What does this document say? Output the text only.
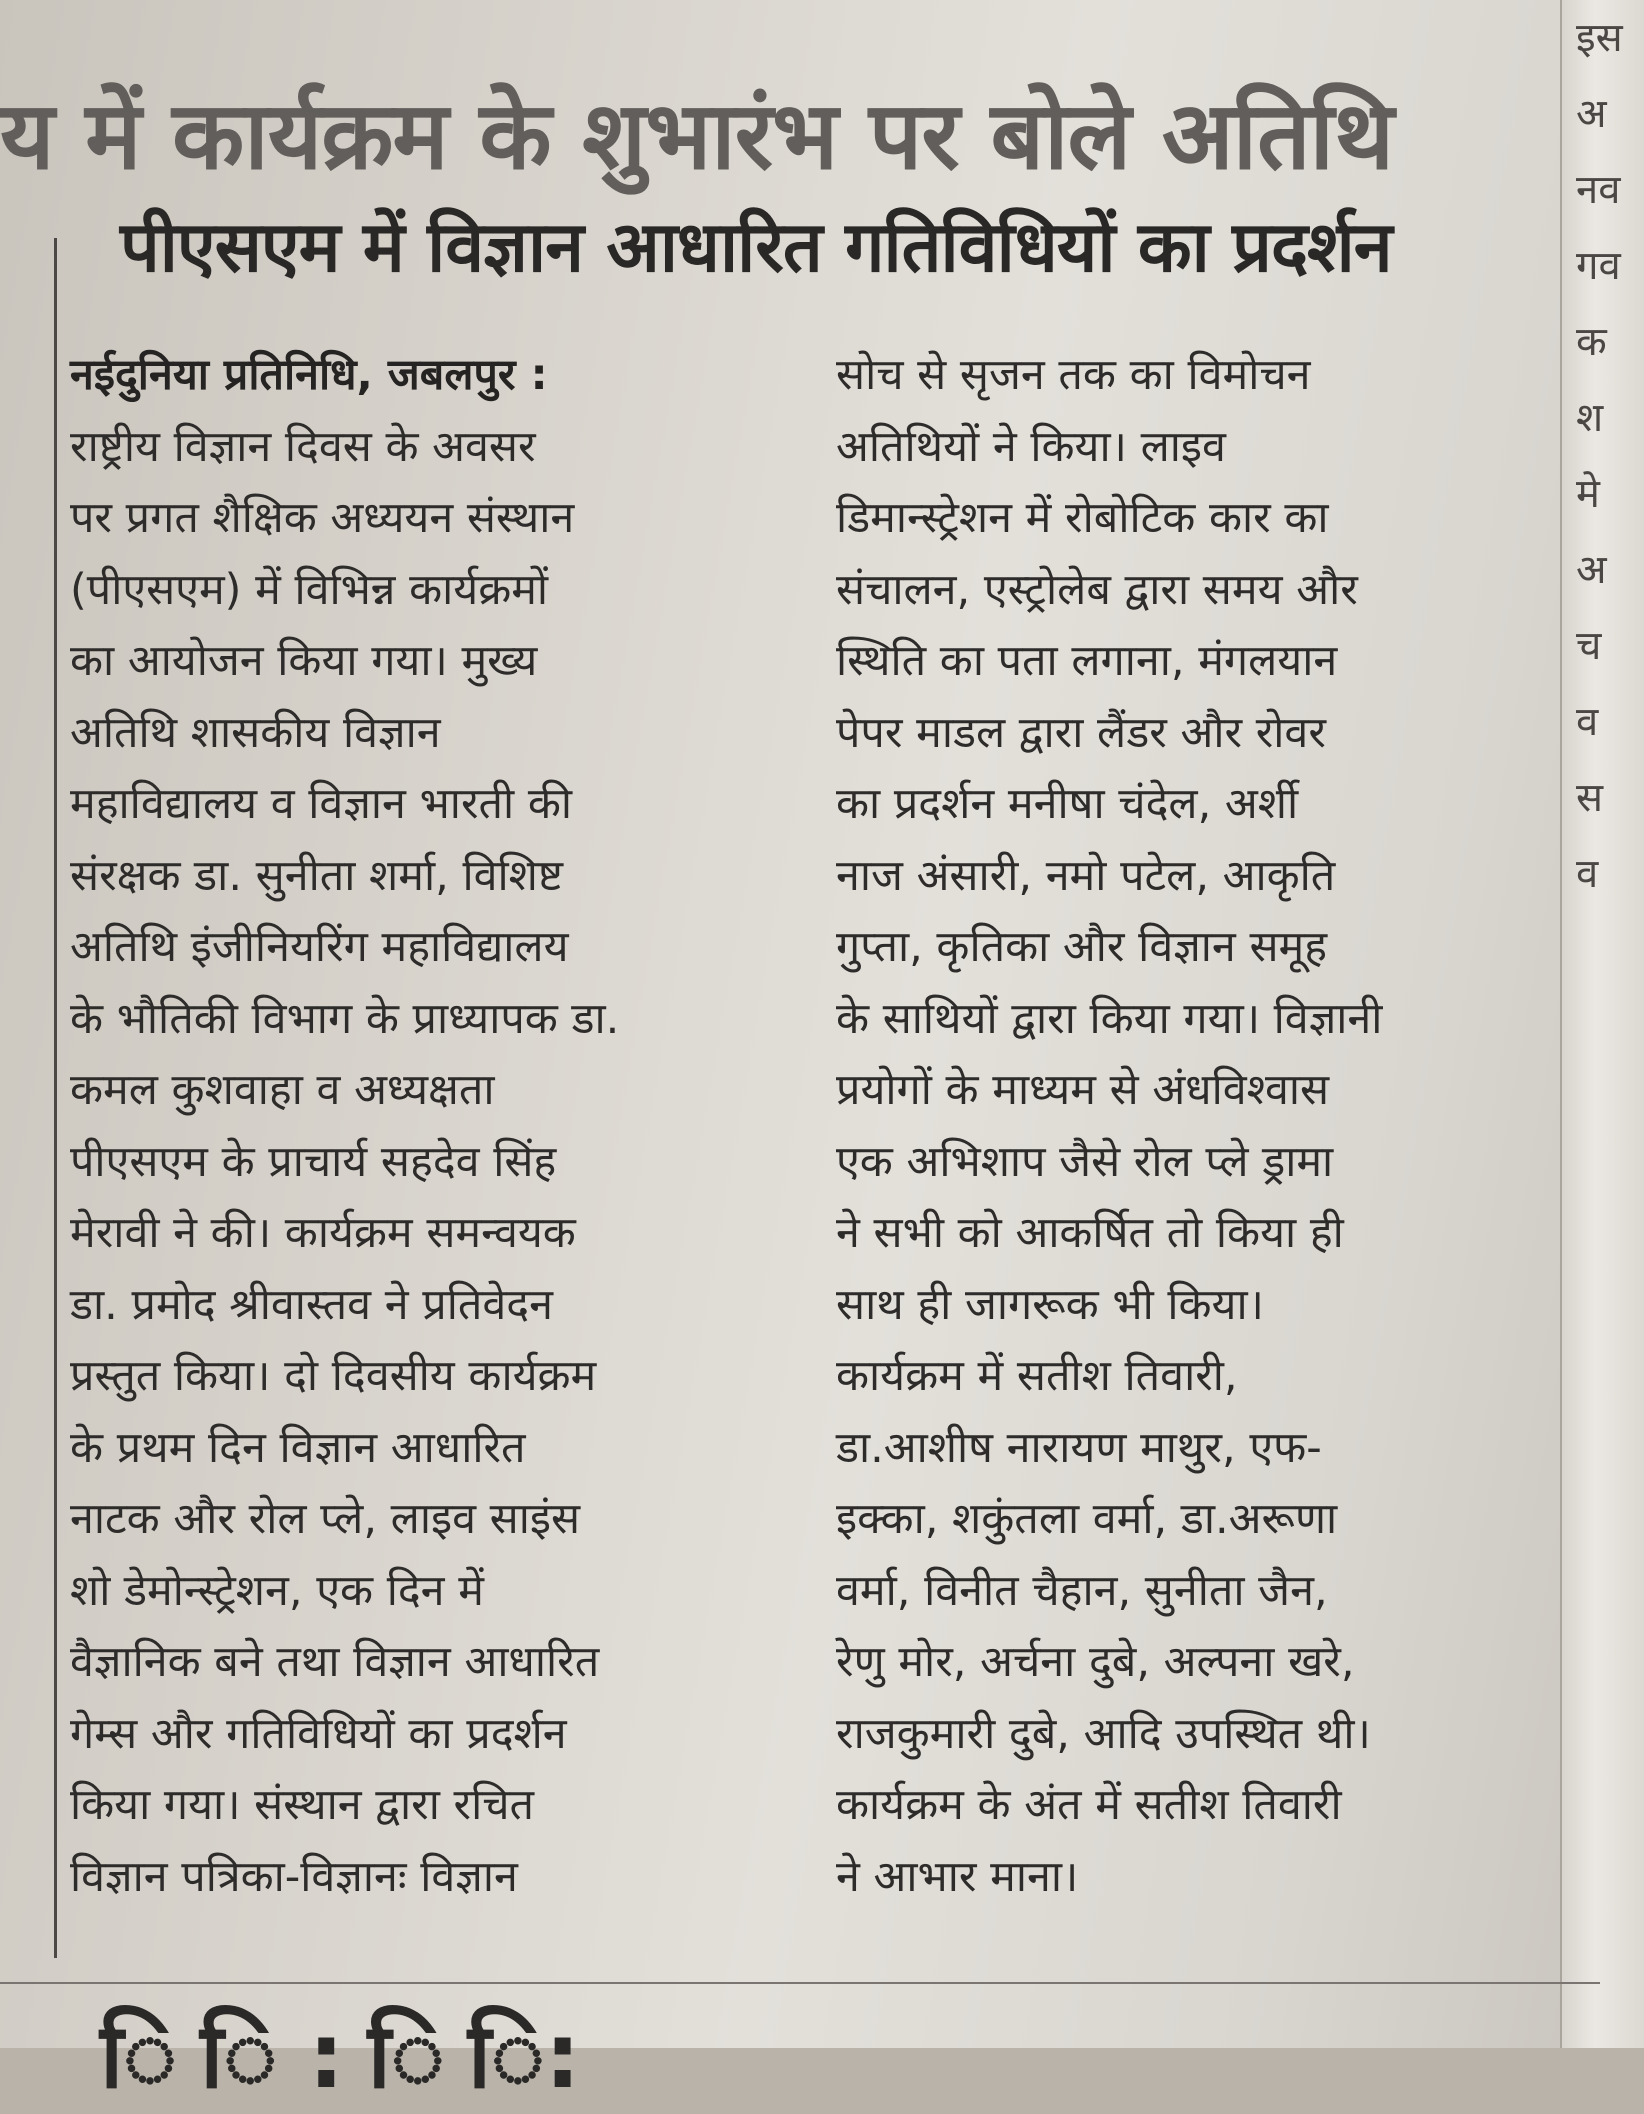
इस
अ
नव
गव
क
श
मे
अ
च
व
स
व
य में कार्यक्रम के शुभारंभ पर बोले अतिथि
पीएसएम में विज्ञान आधारित गतिविधियों का प्रदर्शन
नईदुनिया प्रतिनिधि, जबलपुर :
राष्ट्रीय विज्ञान दिवस के अवसर
पर प्रगत शैक्षिक अध्ययन संस्थान
(पीएसएम) में विभिन्न कार्यक्रमों
का आयोजन किया गया। मुख्य
अतिथि शासकीय विज्ञान
महाविद्यालय व विज्ञान भारती की
संरक्षक डा. सुनीता शर्मा, विशिष्ट
अतिथि इंजीनियरिंग महाविद्यालय
के भौतिकी विभाग के प्राध्यापक डा.
कमल कुशवाहा व अध्यक्षता
पीएसएम के प्राचार्य सहदेव सिंह
मेरावी ने की। कार्यक्रम समन्वयक
डा. प्रमोद श्रीवास्तव ने प्रतिवेदन
प्रस्तुत किया। दो दिवसीय कार्यक्रम
के प्रथम दिन विज्ञान आधारित
नाटक और रोल प्ले, लाइव साइंस
शो डेमोन्स्ट्रेशन, एक दिन में
वैज्ञानिक बने तथा विज्ञान आधारित
गेम्स और गतिविधियों का प्रदर्शन
किया गया। संस्थान द्वारा रचित
विज्ञान पत्रिका-विज्ञानः विज्ञान
सोच से सृजन तक का विमोचन
अतिथियों ने किया। लाइव
डिमान्स्ट्रेशन में रोबोटिक कार का
संचालन, एस्ट्रोलेब द्वारा समय और
स्थिति का पता लगाना, मंगलयान
पेपर माडल द्वारा लैंडर और रोवर
का प्रदर्शन मनीषा चंदेल, अर्शी
नाज अंसारी, नमो पटेल, आकृति
गुप्ता, कृतिका और विज्ञान समूह
के साथियों द्वारा किया गया। विज्ञानी
प्रयोगों के माध्यम से अंधविश्वास
एक अभिशाप जैसे रोल प्ले ड्रामा
ने सभी को आकर्षित तो किया ही
साथ ही जागरूक भी किया।
कार्यक्रम में सतीश तिवारी,
डा.आशीष नारायण माथुर, एफ-
इक्का, शकुंतला वर्मा, डा.अरूणा
वर्मा, विनीत चैहान, सुनीता जैन,
रेणु मोर, अर्चना दुबे, अल्पना खरे,
राजकुमारी दुबे, आदि उपस्थित थी।
कार्यक्रम के अंत में सतीश तिवारी
ने आभार माना।
ि ि : ि ि:
